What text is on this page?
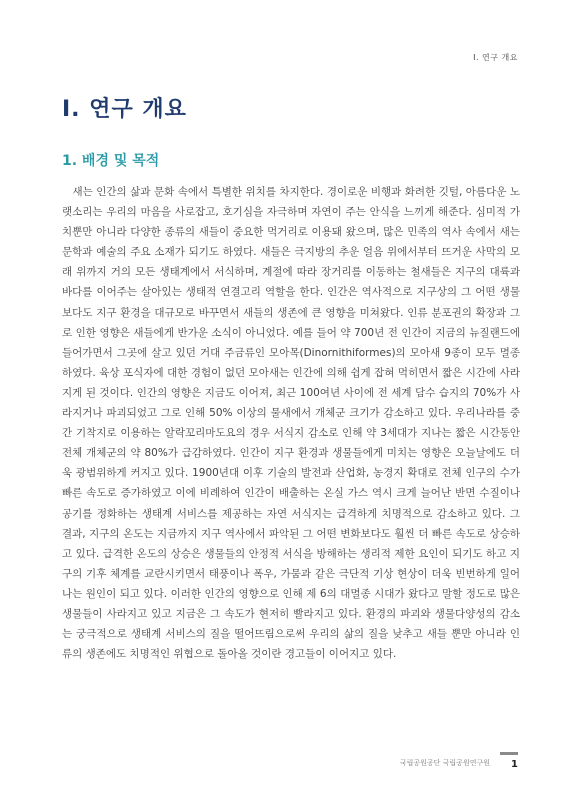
Ⅰ. 연구 개요
Ⅰ. 연구 개요
1. 배경 및 목적

새는 인간의 삶과 문화 속에서 특별한 위치를 차지한다. 경이로운 비행과 화려한 깃털, 아름다운 노랫소리는 우리의 마음을 사로잡고, 호기심을 자극하며 자연이 주는 안식을 느끼게 해준다. 심미적 가치뿐만 아니라 다양한 종류의 새들이 중요한 먹거리로 이용돼 왔으며, 많은 민족의 역사 속에서 새는 문학과 예술의 주요 소재가 되기도 하였다. 새들은 극지방의 추운 얼음 위에서부터 뜨거운 사막의 모래 위까지 거의 모든 생태계에서 서식하며, 계절에 따라 장거리를 이동하는 철새들은 지구의 대륙과 바다를 이어주는 살아있는 생태적 연결고리 역할을 한다. 인간은 역사적으로 지구상의 그 어떤 생물보다도 지구 환경을 대규모로 바꾸면서 새들의 생존에 큰 영향을 미쳐왔다. 인류 분포권의 확장과 그로 인한 영향은 새들에게 반가운 소식이 아니었다. 예를 들어 약 700년 전 인간이 지금의 뉴질랜드에 들어가면서 그곳에 살고 있던 거대 주금류인 모아목(Dinornithiformes)의 모아새 9종이 모두 멸종하였다. 육상 포식자에 대한 경험이 없던 모아새는 인간에 의해 쉽게 잡혀 먹히면서 짧은 시간에 사라지게 된 것이다. 인간의 영향은 지금도 이어져, 최근 100여년 사이에 전 세계 담수 습지의 70%가 사라지거나 파괴되었고 그로 인해 50% 이상의 물새에서 개체군 크기가 감소하고 있다. 우리나라를 중간 기착지로 이용하는 알락꼬리마도요의 경우 서식지 감소로 인해 약 3세대가 지나는 짧은 시간동안 전체 개체군의 약 80%가 급감하였다. 인간이 지구 환경과 생물들에게 미치는 영향은 오늘날에도 더욱 광범위하게 커지고 있다. 1900년대 이후 기술의 발전과 산업화, 농경지 확대로 전체 인구의 수가 빠른 속도로 증가하였고 이에 비례하여 인간이 배출하는 온실 가스 역시 크게 늘어난 반면 수질이나 공기를 정화하는 생태계 서비스를 제공하는 자연 서식지는 급격하게 치명적으로 감소하고 있다. 그 결과, 지구의 온도는 지금까지 지구 역사에서 파악된 그 어떤 변화보다도 훨씬 더 빠른 속도로 상승하고 있다. 급격한 온도의 상승은 생물들의 안정적 서식을 방해하는 생리적 제한 요인이 되기도 하고 지구의 기후 체계를 교란시키면서 태풍이나 폭우, 가뭄과 같은 극단적 기상 현상이 더욱 빈번하게 일어나는 원인이 되고 있다. 이러한 인간의 영향으로 인해 제 6의 대멸종 시대가 왔다고 말할 정도로 많은 생물들이 사라지고 있고 지금은 그 속도가 현저히 빨라지고 있다. 환경의 파괴와 생물다양성의 감소는 궁극적으로 생태계 서비스의 질을 떨어뜨림으로써 우리의 삶의 질을 낮추고 새들 뿐만 아니라 인류의 생존에도 치명적인 위협으로 돌아올 것이란 경고들이 이어지고 있다.

국립공원공단 국립공원연구원 1
